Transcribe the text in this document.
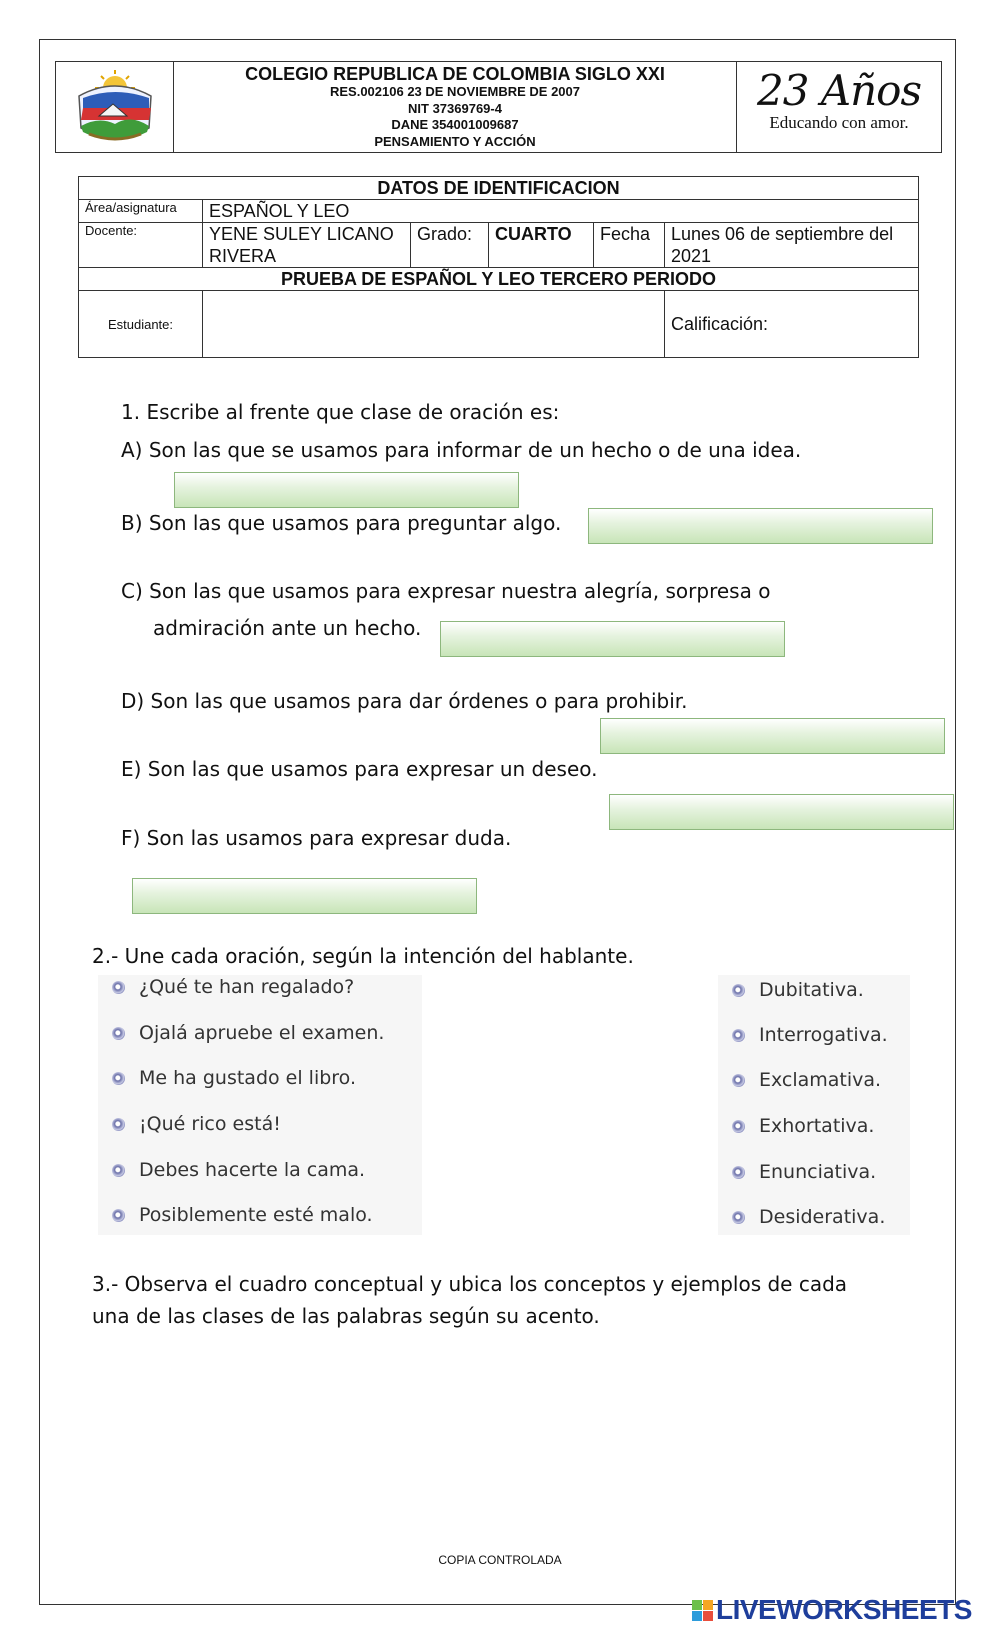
COLEGIO REPUBLICA DE COLOMBIA SIGLO XXI
RES.002106 23 DE NOVIEMBRE DE 2007
NIT 37369769-4
DANE 354001009687
PENSAMIENTO Y ACCIÓN
23 Años
Educando con amor.
DATOS DE IDENTIFICACION					
Área/asignatura	ESPAÑOL Y LEO				
Docente:	YENE SULEY LICANO RIVERA	Grado:	CUARTO	Fecha	Lunes 06 de septiembre del 2021
PRUEBA DE ESPAÑOL Y LEO TERCERO PERIODO					
Estudiante:					Calificación:
1. Escribe al frente que clase de oración es:
A) Son las que se usamos para informar de un hecho o de una idea.
B) Son las que usamos para preguntar algo.
C) Son las que usamos para expresar nuestra alegría, sorpresa o
admiración ante un hecho.
D) Son las que usamos para dar órdenes o para prohibir.
E) Son las que usamos para expresar un deseo.
F) Son las usamos para expresar duda.
2.- Une cada oración, según la intención del hablante.
¿Qué te han regalado?
Ojalá apruebe el examen.
Me ha gustado el libro.
¡Qué rico está!
Debes hacerte la cama.
Posiblemente esté malo.
Dubitativa.
Interrogativa.
Exclamativa.
Exhortativa.
Enunciativa.
Desiderativa.
3.- Observa el cuadro conceptual y ubica los conceptos y ejemplos de cada
una de las clases de las palabras según su acento.
COPIA CONTROLADA
LIVEWORKSHEETS
